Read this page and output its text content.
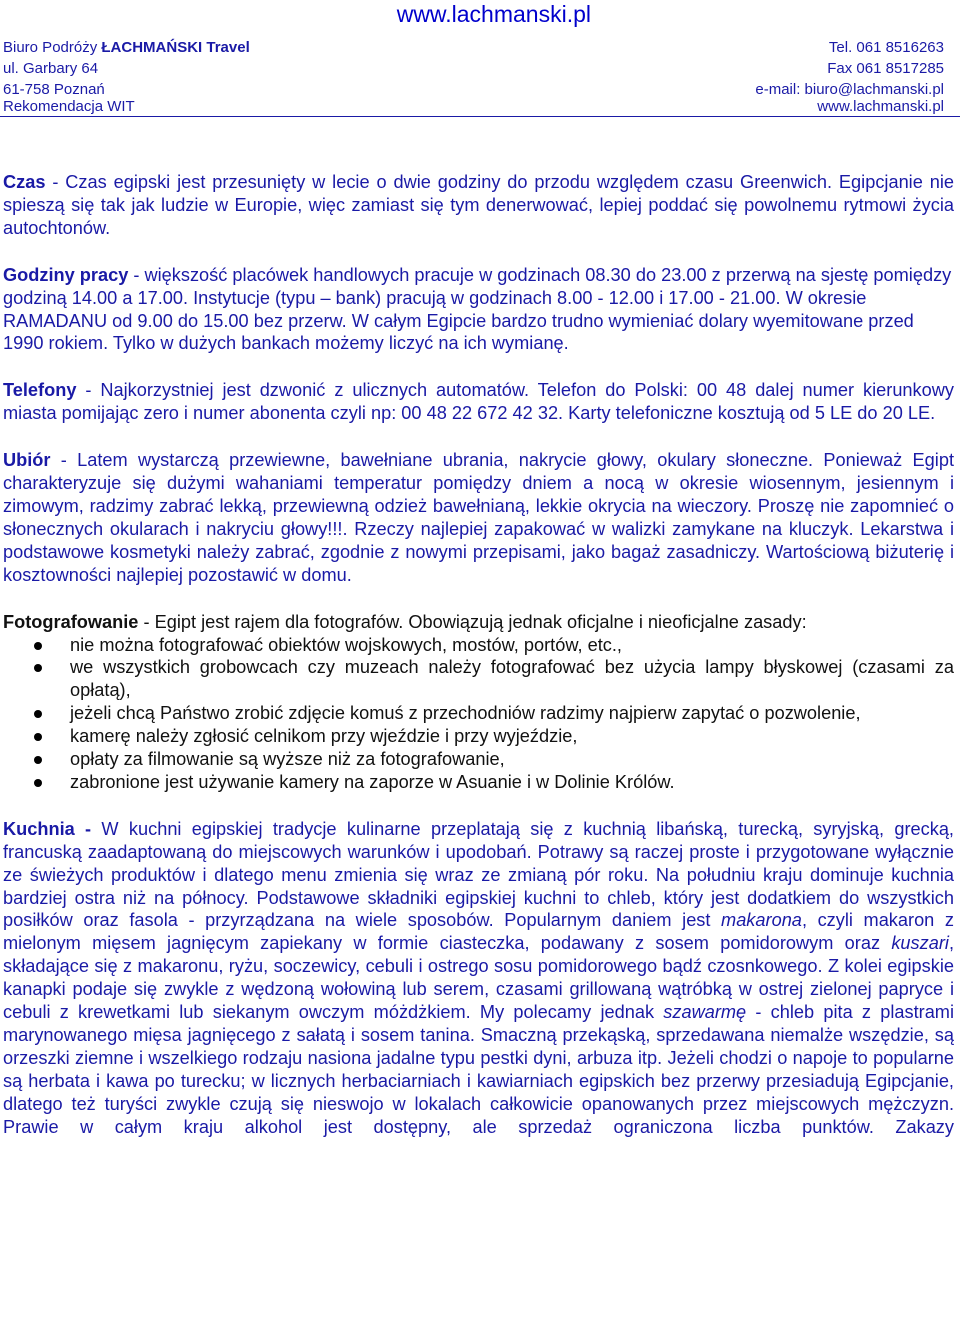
www.lachmanski.pl
Biuro Podróży ŁACHMAŃSKI Travel	Tel. 061 8516263
ul. Garbary 64	Fax 061 8517285
61-758 Poznań	e-mail: biuro@lachmanski.pl
Rekomendacja WIT	www.lachmanski.pl

Czas - Czas egipski jest przesunięty w lecie o dwie godziny do przodu względem czasu Greenwich. Egipcjanie nie spieszą się tak jak ludzie w Europie, więc zamiast się tym denerwować, lepiej poddać się powolnemu rytmowi życia autochtonów.

Godziny pracy - większość placówek handlowych pracuje w godzinach 08.30 do 23.00 z przerwą na sjestę pomiędzy godziną 14.00 a 17.00. Instytucje (typu – bank) pracują w godzinach 8.00 - 12.00 i 17.00 - 21.00. W okresie RAMADANU od 9.00 do 15.00 bez przerw. W całym Egipcie bardzo trudno wymieniać dolary wyemitowane przed 1990 rokiem. Tylko w dużych bankach możemy liczyć na ich wymianę.

Telefony - Najkorzystniej jest dzwonić z ulicznych automatów. Telefon do Polski: 00 48 dalej numer kierunkowy miasta pomijając zero i numer abonenta czyli np: 00 48 22 672 42 32. Karty telefoniczne kosztują od 5 LE do 20 LE.

Ubiór - Latem wystarczą przewiewne, bawełniane ubrania, nakrycie głowy, okulary słoneczne. Ponieważ Egipt charakteryzuje się dużymi wahaniami temperatur pomiędzy dniem a nocą w okresie wiosennym, jesiennym i zimowym, radzimy zabrać lekką, przewiewną odzież bawełnianą, lekkie okrycia na wieczory. Proszę nie zapomnieć o słonecznych okularach i nakryciu głowy!!!. Rzeczy najlepiej zapakować w walizki zamykane na kluczyk. Lekarstwa i podstawowe kosmetyki należy zabrać, zgodnie z nowymi przepisami, jako bagaż zasadniczy. Wartościową biżuterię i kosztowności najlepiej pozostawić w domu.

Fotografowanie - Egipt jest rajem dla fotografów. Obowiązują jednak oficjalne i nieoficjalne zasady:

nie można fotografować obiektów wojskowych, mostów, portów, etc.,
we wszystkich grobowcach czy muzeach należy fotografować bez użycia lampy błyskowej (czasami za opłatą),
jeżeli chcą Państwo zrobić zdjęcie komuś z przechodniów radzimy najpierw zapytać o pozwolenie,
kamerę należy zgłosić celnikom przy wjeździe i przy wyjeździe,
opłaty za filmowanie są wyższe niż za fotografowanie,
zabronione jest używanie kamery na zaporze w Asuanie i w Dolinie Królów.

Kuchnia - W kuchni egipskiej tradycje kulinarne przeplatają się z kuchnią libańską, turecką, syryjską, grecką, francuską zaadaptowaną do miejscowych warunków i upodobań. Potrawy są raczej proste i przygotowane wyłącznie ze świeżych produktów i dlatego menu zmienia się wraz ze zmianą pór roku. Na południu kraju dominuje kuchnia bardziej ostra niż na północy. Podstawowe składniki egipskiej kuchni to chleb, który jest dodatkiem do wszystkich posiłków oraz fasola - przyrządzana na wiele sposobów. Popularnym daniem jest makarona, czyli makaron z mielonym mięsem jagnięcym zapiekany w formie ciasteczka, podawany z sosem pomidorowym oraz kuszari, składające się z makaronu, ryżu, soczewicy, cebuli i ostrego sosu pomidorowego bądź czosnkowego. Z kolei egipskie kanapki podaje się zwykle z wędzoną wołowiną lub serem, czasami grillowaną wątróbką w ostrej zielonej papryce i cebuli z krewetkami lub siekanym owczym móżdżkiem. My polecamy jednak szawarmę - chleb pita z plastrami marynowanego mięsa jagnięcego z sałatą i sosem tanina. Smaczną przekąską, sprzedawana niemalże wszędzie, są orzeszki ziemne i wszelkiego rodzaju nasiona jadalne typu pestki dyni, arbuza itp. Jeżeli chodzi o napoje to popularne są herbata i kawa po turecku; w licznych herbaciarniach i kawiarniach egipskich bez przerwy przesiadują Egipcjanie, dlatego też turyści zwykle czują się nieswojo w lokalach całkowicie opanowanych przez miejscowych mężczyzn. Prawie w całym kraju alkohol jest dostępny, ale sprzedaż ograniczona liczba punktów. Zakazy
